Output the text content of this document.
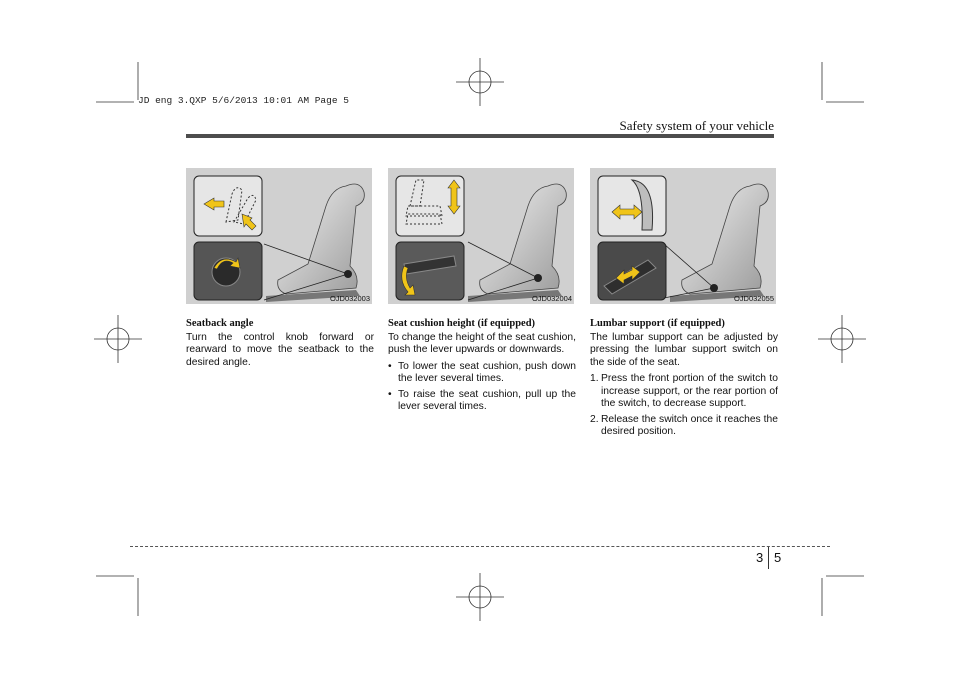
JD eng 3.QXP 5/6/2013 10:01 AM Page 5
Safety system of your vehicle
OJD032003	OJD032004	OJD032055
Seatback angle

Turn the control knob forward or rearward to move the seatback to the desired angle.

Seat cushion height (if equipped)

To change the height of the seat cushion, push the lever upwards or downwards.

• To lower the seat cushion, push down the lever several times.
• To raise the seat cushion, pull up the lever several times.
Lumbar support (if equipped)

The lumbar support can be adjusted by pressing the lumbar support switch on the side of the seat.

1. Press the front portion of the switch to increase support, or the rear portion of the switch, to decrease support.
2. Release the switch once it reaches the desired position.
3 5
